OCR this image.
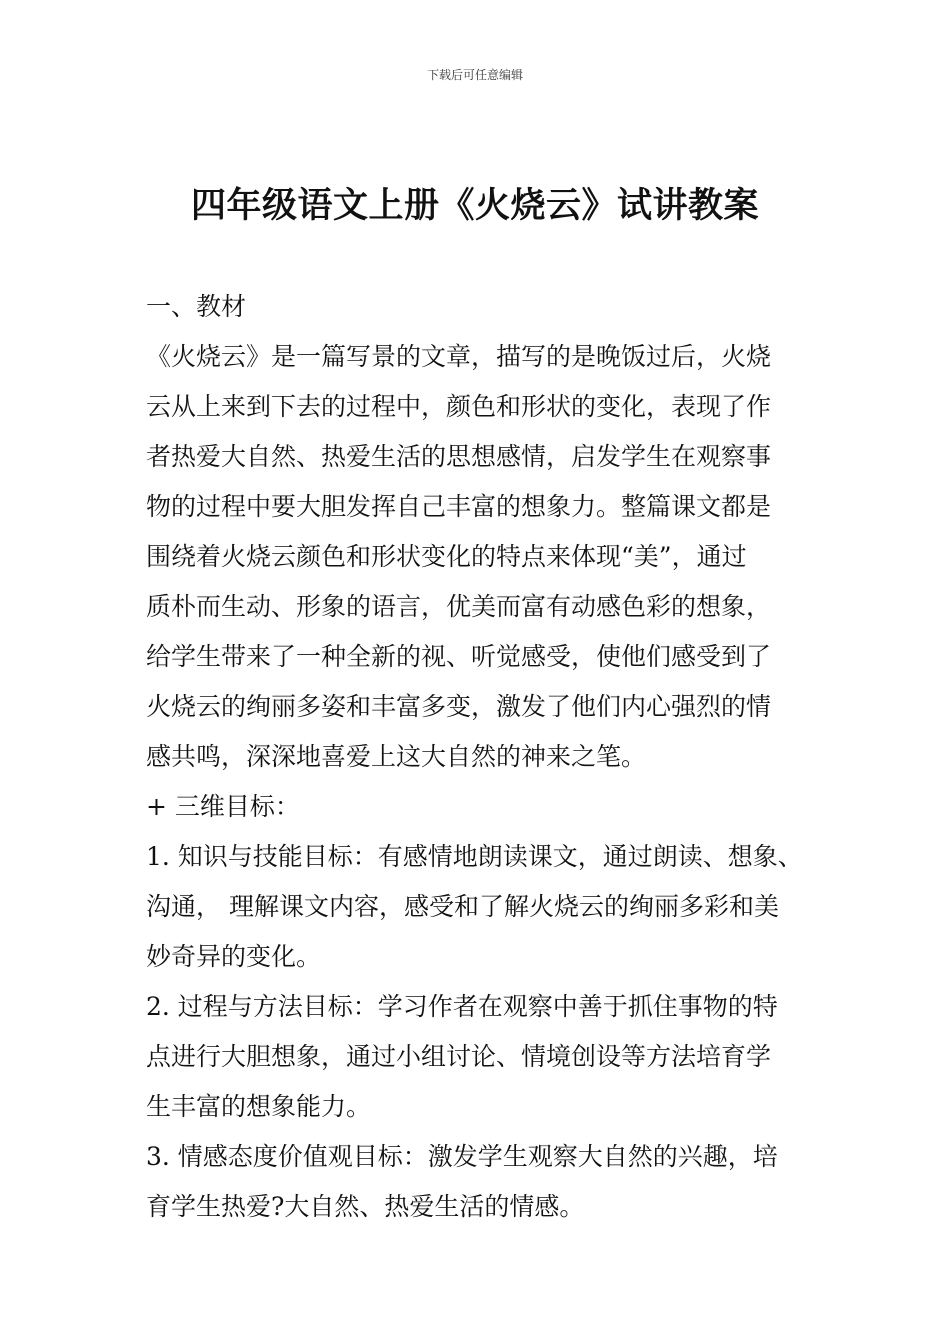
下载后可任意编辑
四年级语文上册《火烧云》试讲教案

一、教材

《火烧云》是一篇写景的文章，描写的是晚饭过后，火烧

云从上来到下去的过程中，颜色和形状的变化，表现了作

者热爱大自然、热爱生活的思想感情，启发学生在观察事

物的过程中要大胆发挥自己丰富的想象力。整篇课文都是

围绕着火烧云颜色和形状变化的特点来体现“美”，通过

质朴而生动、形象的语言，优美而富有动感色彩的想象，

给学生带来了一种全新的视、听觉感受，使他们感受到了

火烧云的绚丽多姿和丰富多变，激发了他们内心强烈的情

感共鸣，深深地喜爱上这大自然的神来之笔。

+ 三维目标：

1. 知识与技能目标：有感情地朗读课文，通过朗读、想象、

沟通， 理解课文内容，感受和了解火烧云的绚丽多彩和美

妙奇异的变化。

2. 过程与方法目标：学习作者在观察中善于抓住事物的特

点进行大胆想象，通过小组讨论、情境创设等方法培育学

生丰富的想象能力。

3. 情感态度价值观目标：激发学生观察大自然的兴趣，培

育学生热爱?大自然、热爱生活的情感。
